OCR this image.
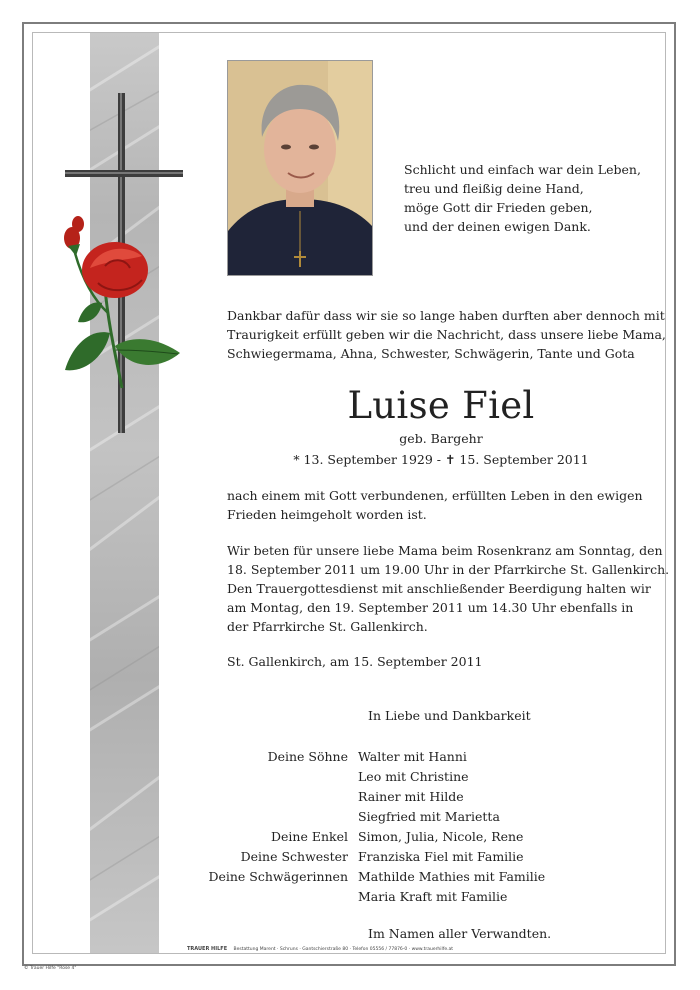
Schlicht und einfach war dein Leben,
treu und fleißig deine Hand,
möge Gott dir Frieden geben,
und der deinen ewigen Dank.
Dankbar dafür dass wir sie so lange haben durften aber dennoch mit
Traurigkeit erfüllt geben wir die Nachricht, dass unsere liebe Mama,
Schwiegermama, Ahna, Schwester, Schwägerin, Tante und Gota
Luise Fiel
geb. Bargehr
* 13. September 1929 - ✝ 15. September 2011
nach einem mit Gott verbundenen, erfüllten Leben in den ewigen
Frieden heimgeholt worden ist.
Wir beten für unsere liebe Mama beim Rosenkranz am Sonntag, den
18. September 2011 um 19.00 Uhr in der Pfarrkirche St. Gallenkirch.
Den Trauergottesdienst mit anschließender Beerdigung halten wir
am Montag, den 19. September 2011 um 14.30 Uhr ebenfalls in
der Pfarrkirche St. Gallenkirch.
St. Gallenkirch, am 15. September 2011
In Liebe und Dankbarkeit
Deine Söhne Walter mit Hanni
Leo mit Christine
Rainer mit Hilde
Siegfried mit Marietta
Deine Enkel Simon, Julia, Nicole, Rene
Deine Schwester Franziska Fiel mit Familie
Deine Schwägerinnen Mathilde Mathies mit Familie
Maria Kraft mit Familie
Im Namen aller Verwandten.
TRAUER HILFE Bestattung Marent · Schruns · Gantschierstraße 80 · Telefon 05556 / 77876-0 · www.trauerhilfe.at
© Trauer Hilfe "Rose 4"
